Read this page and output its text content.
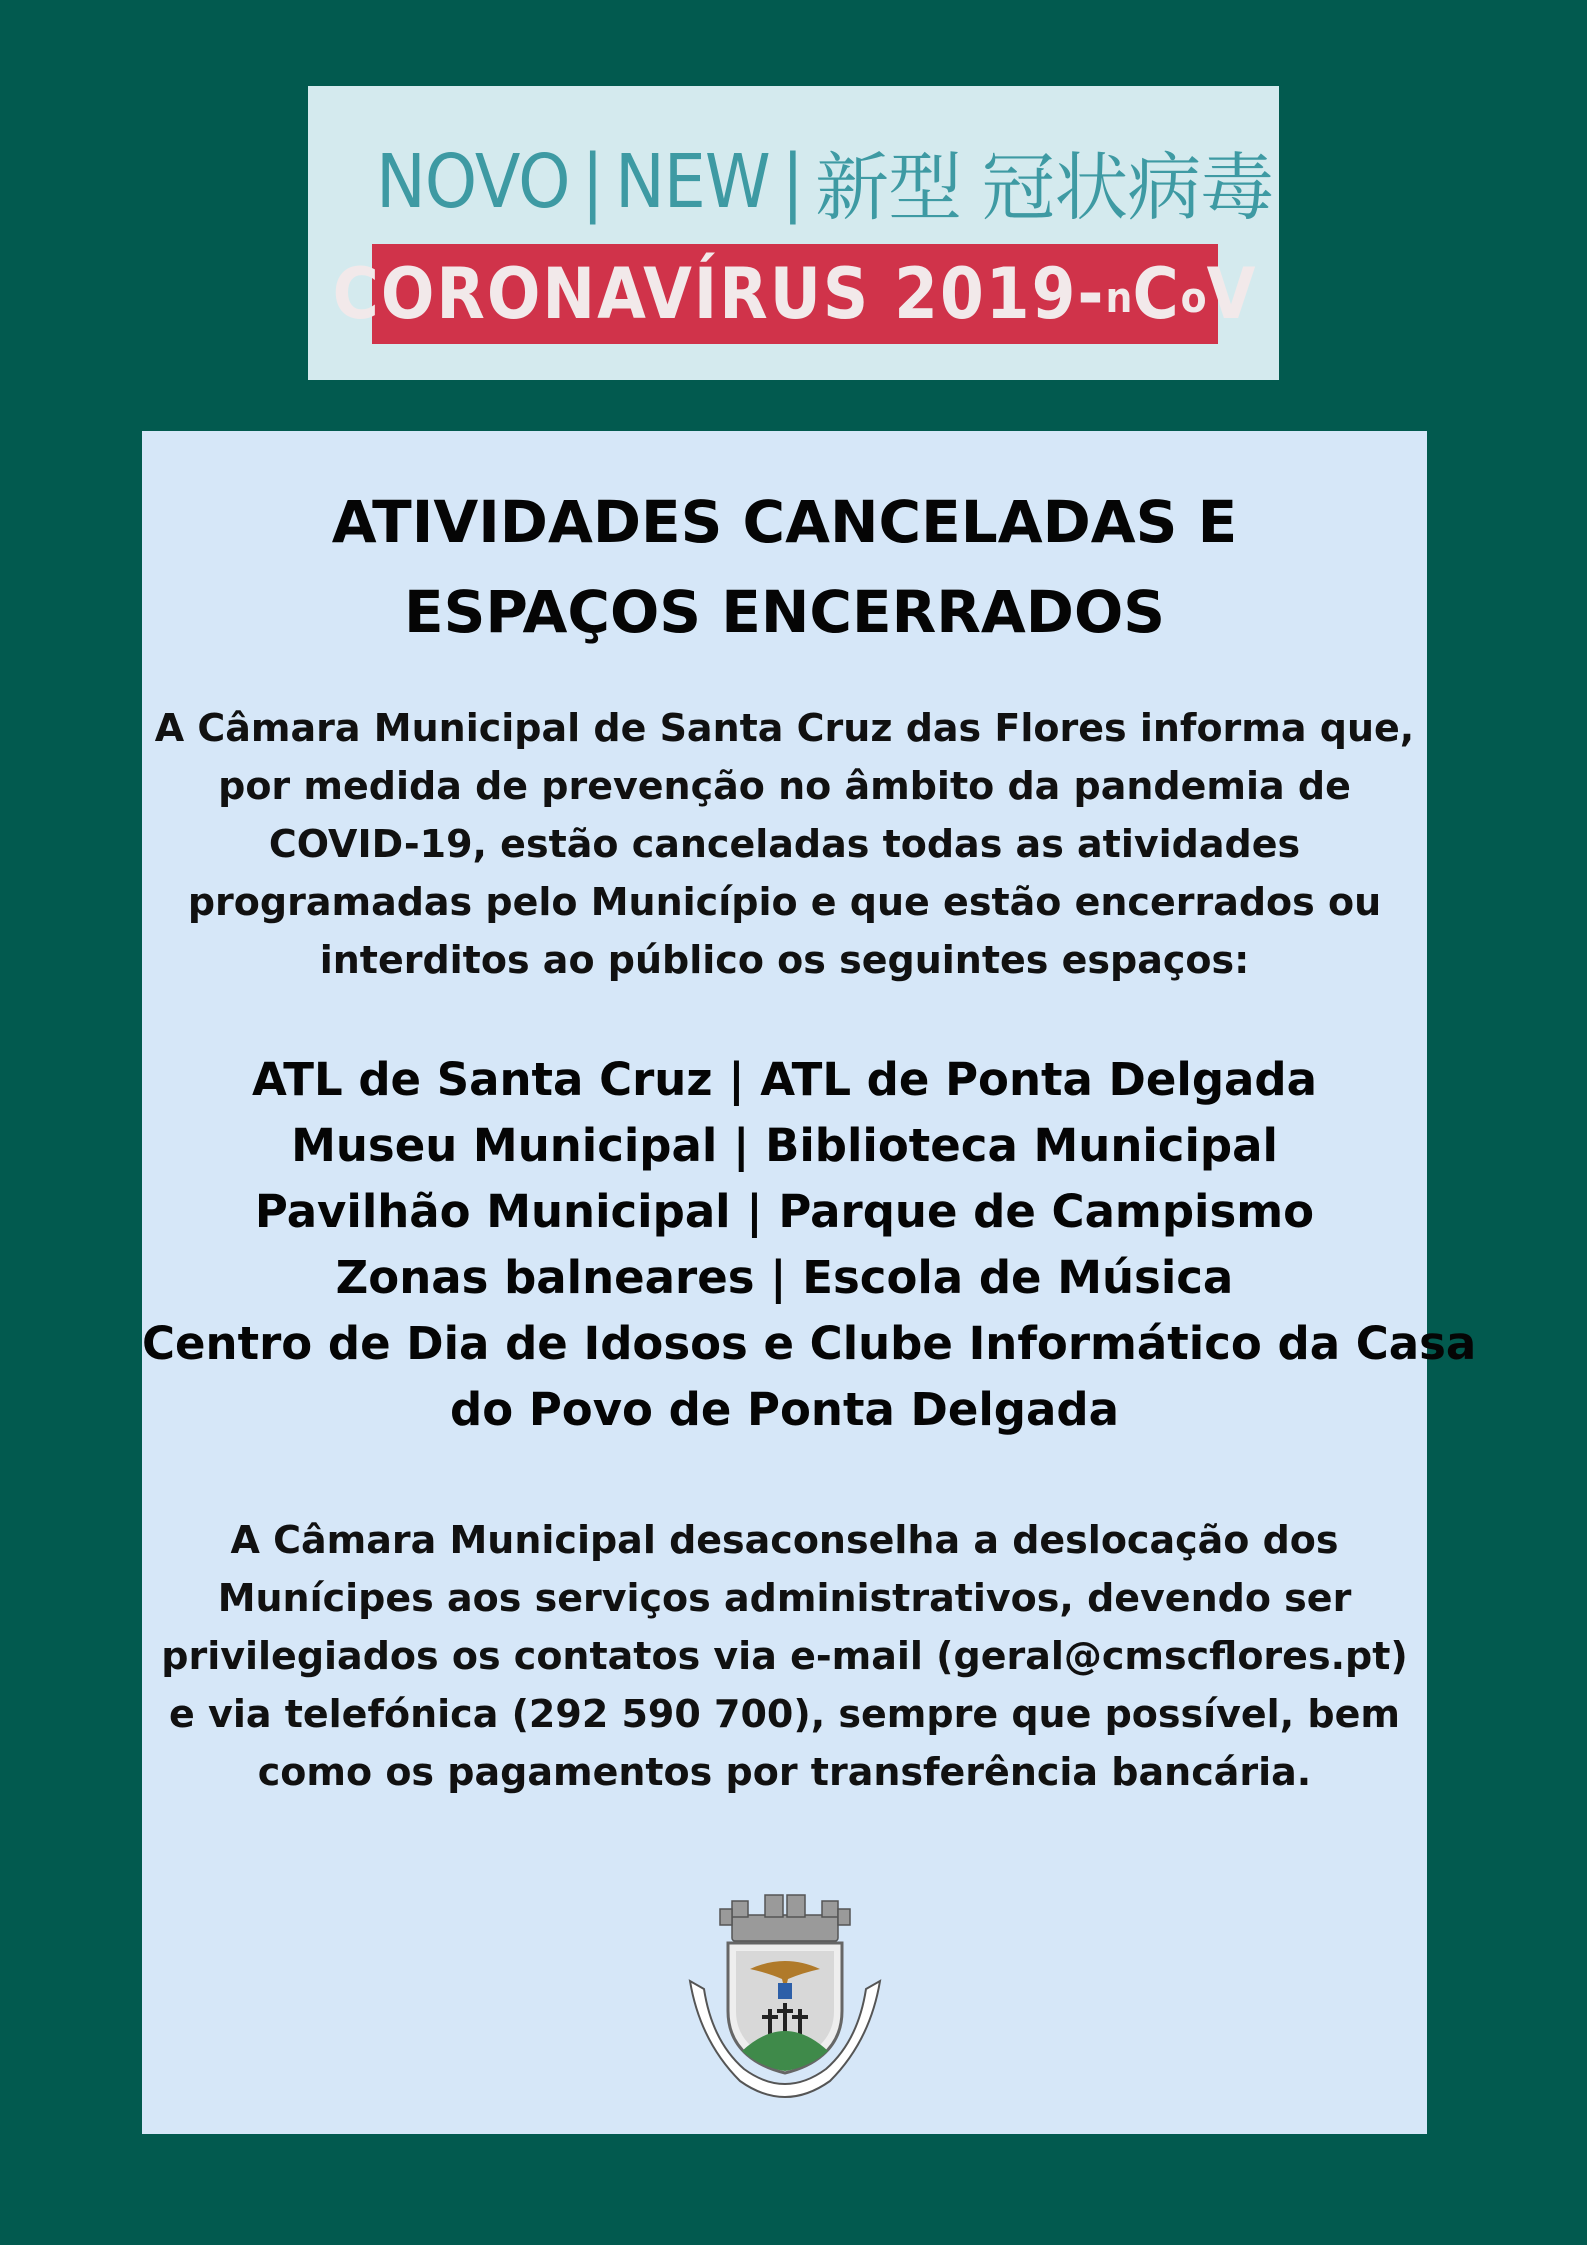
NOVO | NEW | 新型 冠状病毒
CORONAVÍRUS 2019- n C o V
ATIVIDADES CANCELADAS E
ESPAÇOS ENCERRADOS
A Câmara Municipal de Santa Cruz das Flores informa que,
por medida de prevenção no âmbito da pandemia de
COVID-19, estão canceladas todas as atividades
programadas pelo Município e que estão encerrados ou
interditos ao público os seguintes espaços:
ATL de Santa Cruz | ATL de Ponta Delgada
Museu Municipal | Biblioteca Municipal
Pavilhão Municipal | Parque de Campismo
Zonas balneares | Escola de Música
Centro de Dia de Idosos e Clube Informático da Casa
do Povo de Ponta Delgada
A Câmara Municipal desaconselha a deslocação dos
Munícipes aos serviços administrativos, devendo ser
privilegiados os contatos via e-mail (geral@cmscflores.pt)
e via telefónica (292 590 700), sempre que possível, bem
como os pagamentos por transferência bancária.
